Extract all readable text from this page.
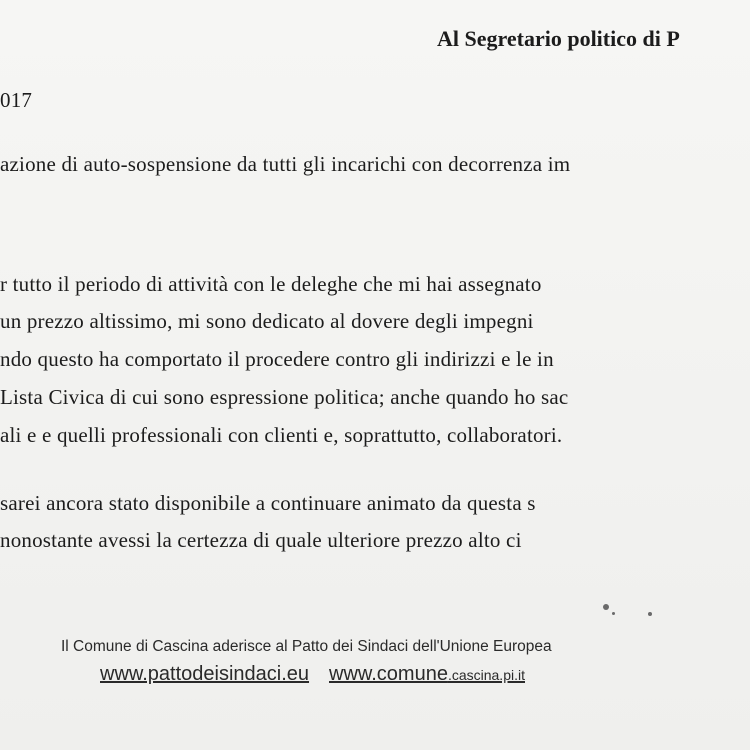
Al Segretario politico di P
017
azione di auto-sospensione da tutti gli incarichi con decorrenza im
r tutto il periodo di attività con le deleghe che mi hai assegnato
un prezzo altissimo, mi sono dedicato al dovere degli impegni
ndo questo ha comportato il procedere contro gli indirizzi e le in
Lista Civica di cui sono espressione politica; anche quando ho sac
ali e e quelli professionali con clienti e, soprattutto, collaboratori.
sarei ancora stato disponibile a continuare animato da questa s
nonostante avessi la certezza di quale ulteriore prezzo alto ci
Il Comune di Cascina aderisce al Patto dei Sindaci dell'Unione Europea
www.pattodeisindaci.eu www.comune.cascina.pi.it
